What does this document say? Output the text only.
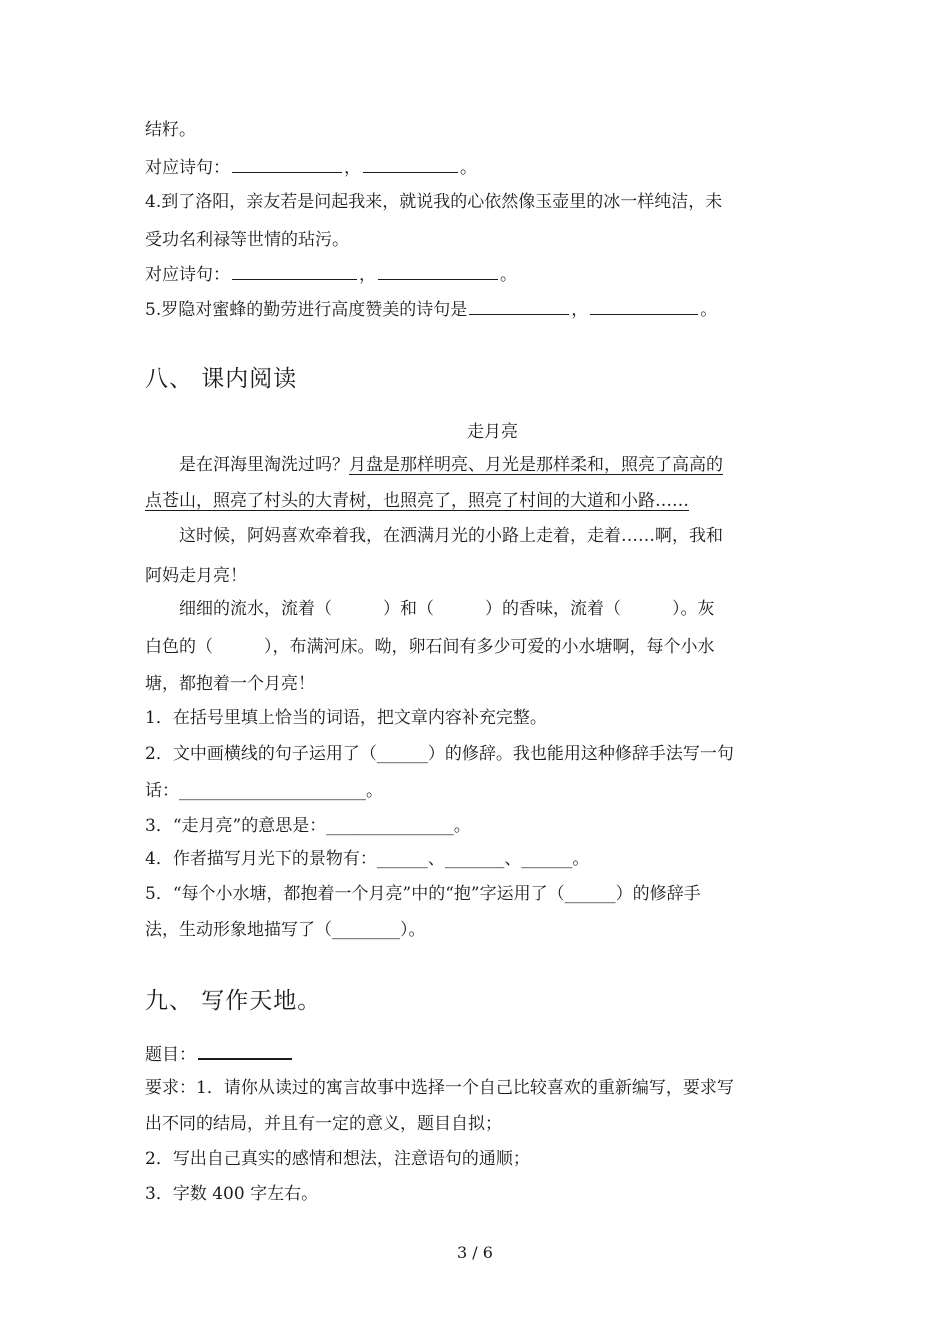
结籽。
对应诗句：	，	。
4.到了洛阳，亲友若是问起我来，就说我的心依然像玉壶里的冰一样纯洁，未
受功名利禄等世情的玷污。
对应诗句：	，	。
5.罗隐对蜜蜂的勤劳进行高度赞美的诗句是	，	。
八、 课内阅读
走月亮
是在洱海里淘洗过吗？月盘是那样明亮、月光是那样柔和，照亮了高高的
点苍山，照亮了村头的大青树，也照亮了，照亮了村间的大道和小路……
这时候，阿妈喜欢牵着我，在洒满月光的小路上走着，走着……啊，我和
阿妈走月亮！
细细的流水，流着（　　　）和（　　　）的香味，流着（　　　）。灰
白色的（　　　），布满河床。呦，卵石间有多少可爱的小水塘啊，每个小水
塘，都抱着一个月亮！
1．在括号里填上恰当的词语，把文章内容补充完整。
2．文中画横线的句子运用了（______）的修辞。我也能用这种修辞手法写一句
话：______________________。
3．“走月亮”的意思是：_______________。
4．作者描写月光下的景物有：______、_______、______。
5．“每个小水塘，都抱着一个月亮”中的“抱”字运用了（______）的修辞手
法，生动形象地描写了（________）。
九、 写作天地。
题目：
要求：1．请你从读过的寓言故事中选择一个自己比较喜欢的重新编写，要求写
出不同的结局，并且有一定的意义，题目自拟；
2．写出自己真实的感情和想法，注意语句的通顺；
3．字数 400 字左右。
3 / 6
